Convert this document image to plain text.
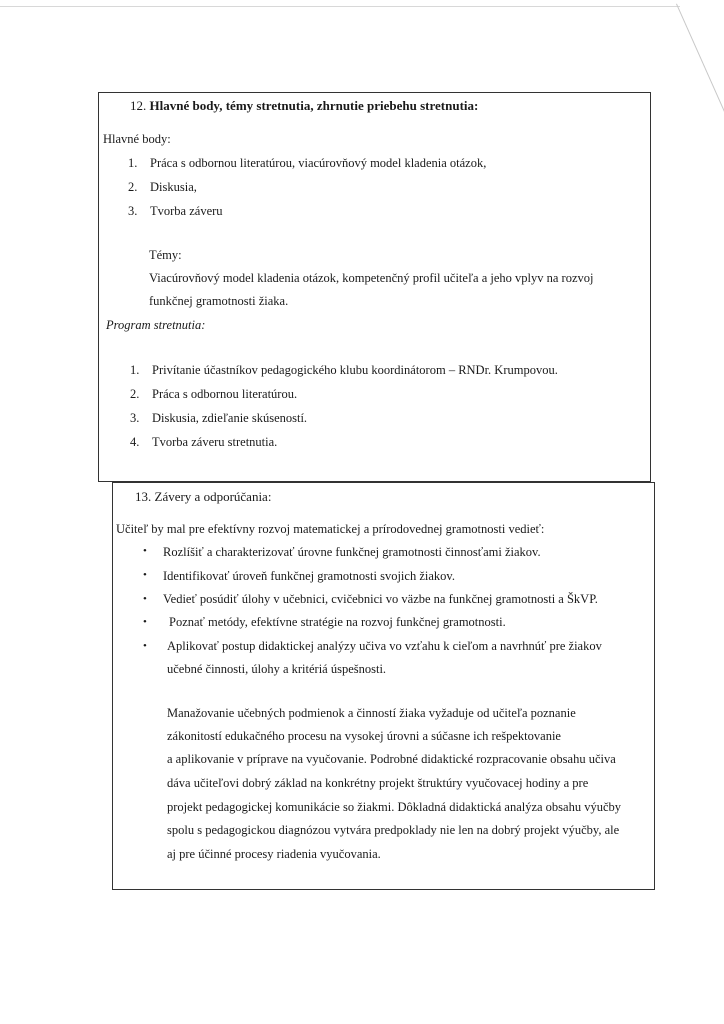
12. Hlavné body, témy stretnutia, zhrnutie priebehu stretnutia:
Hlavné body:
1. Práca s odbornou literatúrou, viacúrovňový model kladenia otázok,
2. Diskusia,
3. Tvorba záveru
Témy:
Viacúrovňový model kladenia otázok, kompetenčný profil učiteľa a jeho vplyv na rozvoj
funkčnej gramotnosti žiaka.
Program stretnutia:
1. Privítanie účastníkov pedagogického klubu koordinátorom – RNDr. Krumpovou.
2. Práca s odbornou literatúrou.
3. Diskusia, zdieľanie skúseností.
4. Tvorba záveru stretnutia.
13. Závery a odporúčania:
Učiteľ by mal pre efektívny rozvoj matematickej a prírodovednej gramotnosti vedieť:
• Rozlíšiť a charakterizovať úrovne funkčnej gramotnosti činnosťami žiakov.
• Identifikovať úroveň funkčnej gramotnosti svojich žiakov.
• Vedieť posúdiť úlohy v učebnici, cvičebnici vo väzbe na funkčnej gramotnosti a ŠkVP.
• Poznať metódy, efektívne stratégie na rozvoj funkčnej gramotnosti.
• Aplikovať postup didaktickej analýzy učiva vo vzťahu k cieľom a navrhnúť pre žiakov
učebné činnosti, úlohy a kritériá úspešnosti.
Manažovanie učebných podmienok a činností žiaka vyžaduje od učiteľa poznanie
zákonitostí edukačného procesu na vysokej úrovni a súčasne ich rešpektovanie
a aplikovanie v príprave na vyučovanie. Podrobné didaktické rozpracovanie obsahu učiva
dáva učiteľovi dobrý základ na konkrétny projekt štruktúry vyučovacej hodiny a pre
projekt pedagogickej komunikácie so žiakmi. Dôkladná didaktická analýza obsahu výučby
spolu s pedagogickou diagnózou vytvára predpoklady nie len na dobrý projekt výučby, ale
aj pre účinné procesy riadenia vyučovania.
